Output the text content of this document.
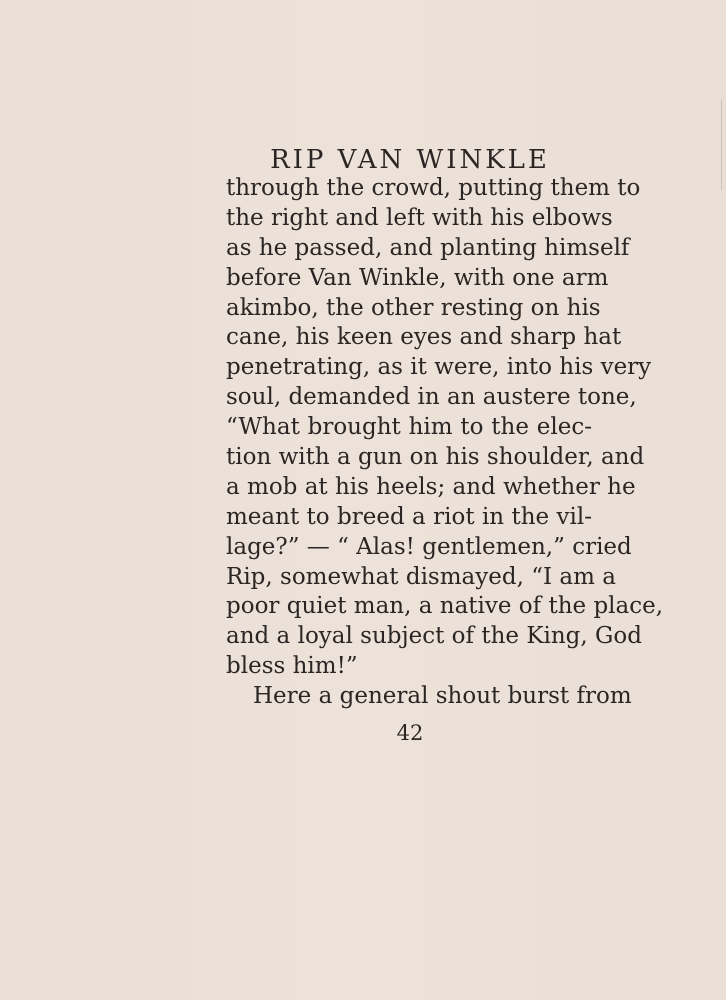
RIP VAN WINKLE
through the crowd, putting them to
the right and left with his elbows
as he passed, and planting himself
before Van Winkle, with one arm
akimbo, the other resting on his
cane, his keen eyes and sharp hat
penetrating, as it were, into his very
soul, demanded in an austere tone,
“What brought him to the elec-
tion with a gun on his shoulder, and
a mob at his heels; and whether he
meant to breed a riot in the vil-
lage?” — “ Alas! gentlemen,” cried
Rip, somewhat dismayed, “I am a
poor quiet man, a native of the place,
and a loyal subject of the King, God
bless him!”
Here a general shout burst from
42
